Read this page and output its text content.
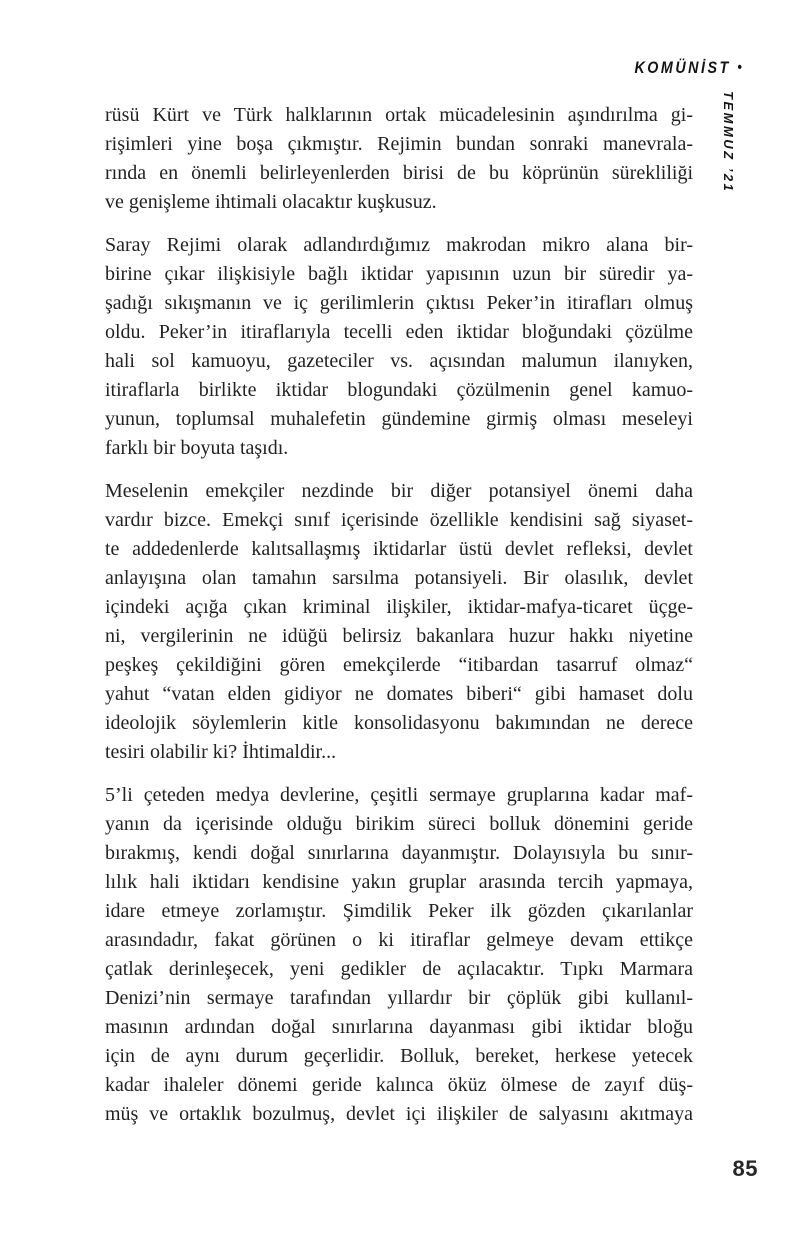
KOMÜNİST •
TEMMUZ ’21

rüsü Kürt ve Türk halklarının ortak mücadelesinin aşındırılma gi-
rişimleri yine boşa çıkmıştır. Rejimin bundan sonraki manevrala-
rında en önemli belirleyenlerden birisi de bu köprünün sürekliliği
ve genişleme ihtimali olacaktır kuşkusuz.

Saray Rejimi olarak adlandırdığımız makrodan mikro alana bir-
birine çıkar ilişkisiyle bağlı iktidar yapısının uzun bir süredir ya-
şadığı sıkışmanın ve iç gerilimlerin çıktısı Peker’in itirafları olmuş
oldu. Peker’in itiraflarıyla tecelli eden iktidar bloğundaki çözülme
hali sol kamuoyu, gazeteciler vs. açısından malumun ilanıyken,
itiraflarla birlikte iktidar blogundaki çözülmenin genel kamuo-
yunun, toplumsal muhalefetin gündemine girmiş olması meseleyi
farklı bir boyuta taşıdı.

Meselenin emekçiler nezdinde bir diğer potansiyel önemi daha
vardır bizce. Emekçi sınıf içerisinde özellikle kendisini sağ siyaset-
te addedenlerde kalıtsallaşmış iktidarlar üstü devlet refleksi, devlet
anlayışına olan tamahın sarsılma potansiyeli. Bir olasılık, devlet
içindeki açığa çıkan kriminal ilişkiler, iktidar-mafya-ticaret üçge-
ni, vergilerinin ne idüğü belirsiz bakanlara huzur hakkı niyetine
peşkeş çekildiğini gören emekçilerde “itibardan tasarruf olmaz“
yahut “vatan elden gidiyor ne domates biberi“ gibi hamaset dolu
ideolojik söylemlerin kitle konsolidasyonu bakımından ne derece
tesiri olabilir ki? İhtimaldir...

5’li çeteden medya devlerine, çeşitli sermaye gruplarına kadar maf-
yanın da içerisinde olduğu birikim süreci bolluk dönemini geride
bırakmış, kendi doğal sınırlarına dayanmıştır. Dolayısıyla bu sınır-
lılık hali iktidarı kendisine yakın gruplar arasında tercih yapmaya,
idare etmeye zorlamıştır. Şimdilik Peker ilk gözden çıkarılanlar
arasındadır, fakat görünen o ki itiraflar gelmeye devam ettikçe
çatlak derinleşecek, yeni gedikler de açılacaktır. Tıpkı Marmara
Denizi’nin sermaye tarafından yıllardır bir çöplük gibi kullanıl-
masının ardından doğal sınırlarına dayanması gibi iktidar bloğu
için de aynı durum geçerlidir. Bolluk, bereket, herkese yetecek
kadar ihaleler dönemi geride kalınca öküz ölmese de zayıf düş-
müş ve ortaklık bozulmuş, devlet içi ilişkiler de salyasını akıtmaya

85
